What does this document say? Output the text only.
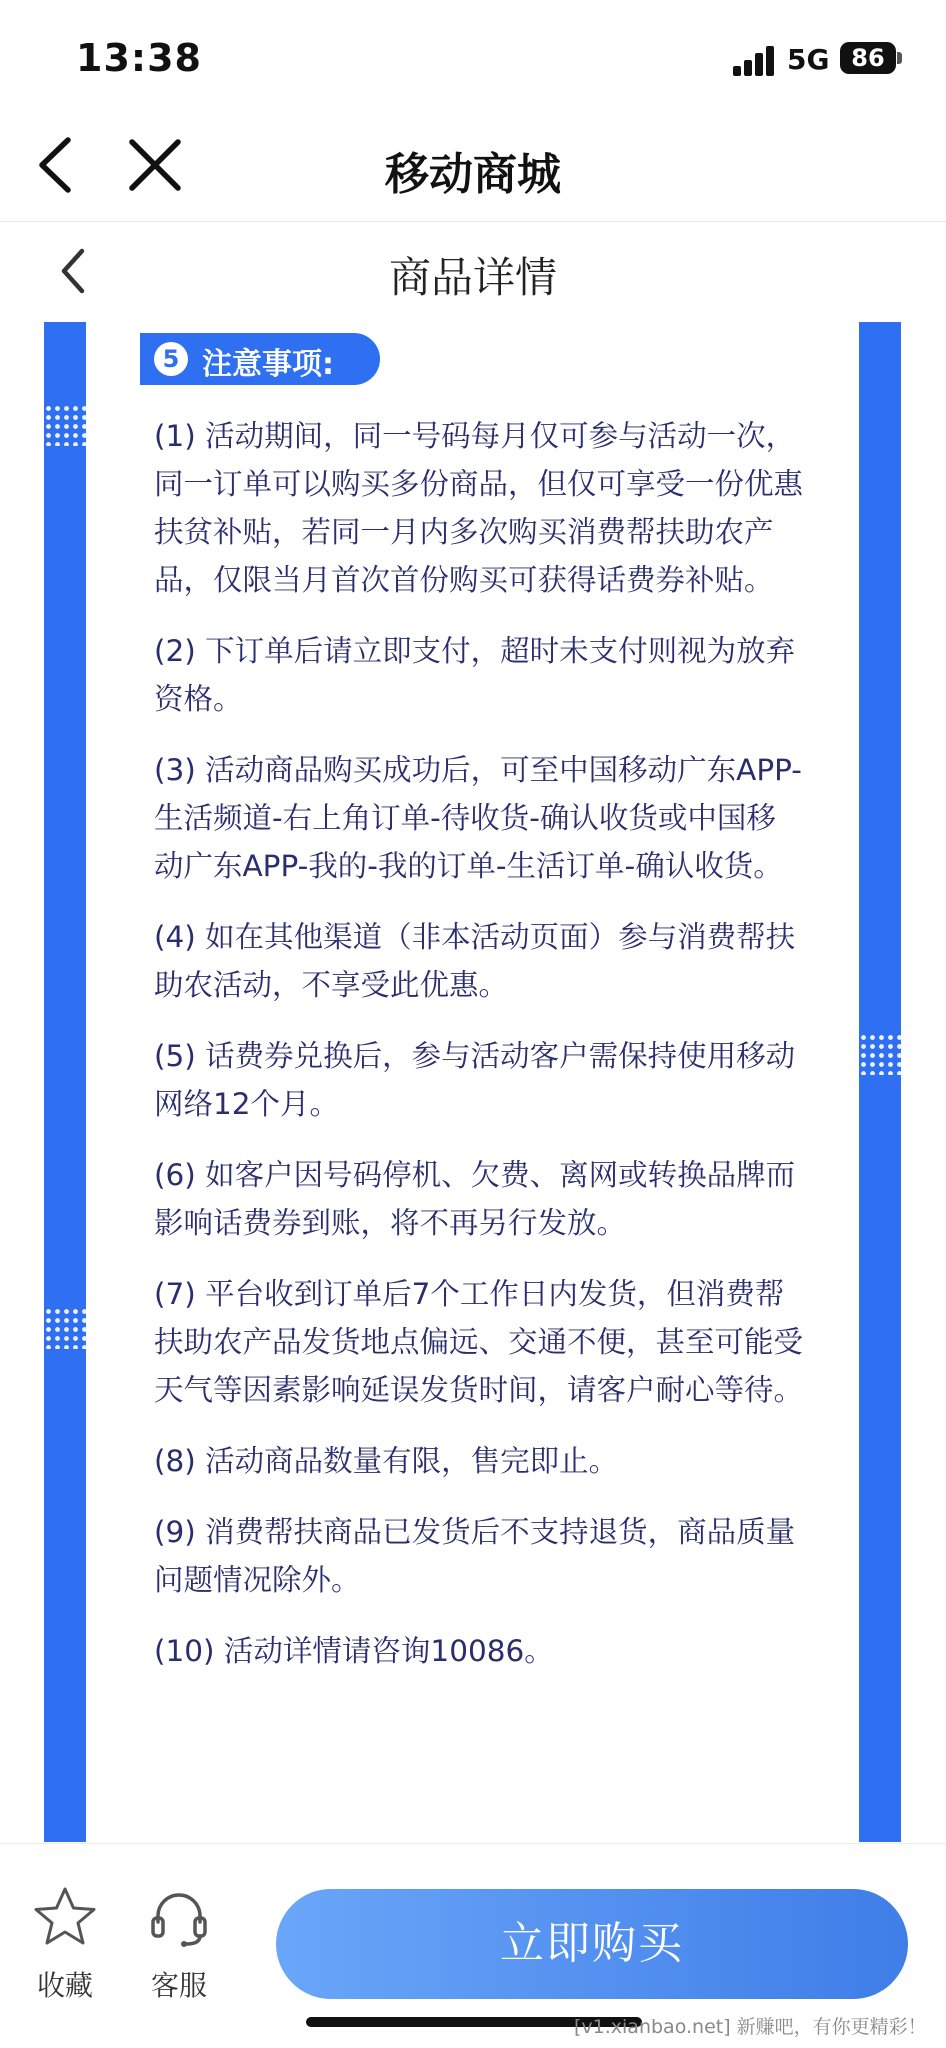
13:38	5G 86
移动商城
商品详情
5 注意事项:

(1) 活动期间，同一号码每月仅可参与活动一次，同一订单可以购买多份商品，但仅可享受一份优惠扶贫补贴，若同一月内多次购买消费帮扶助农产品，仅限当月首次首份购买可获得话费券补贴。

(2) 下订单后请立即支付，超时未支付则视为放弃资格。

(3) 活动商品购买成功后，可至中国移动广东APP-生活频道-右上角订单-待收货-确认收货或中国移动广东APP-我的-我的订单-生活订单-确认收货。

(4) 如在其他渠道（非本活动页面）参与消费帮扶助农活动，不享受此优惠。

(5) 话费券兑换后，参与活动客户需保持使用移动网络12个月。

(6) 如客户因号码停机、欠费、离网或转换品牌而影响话费券到账，将不再另行发放。

(7) 平台收到订单后7个工作日内发货，但消费帮扶助农产品发货地点偏远、交通不便，甚至可能受天气等因素影响延误发货时间，请客户耐心等待。

(8) 活动商品数量有限，售完即止。

(9) 消费帮扶商品已发货后不支持退货，商品质量问题情况除外。

(10) 活动详情请咨询10086。

收藏 客服
立即购买
[v1.xianbao.net] 新赚吧，有你更精彩！
